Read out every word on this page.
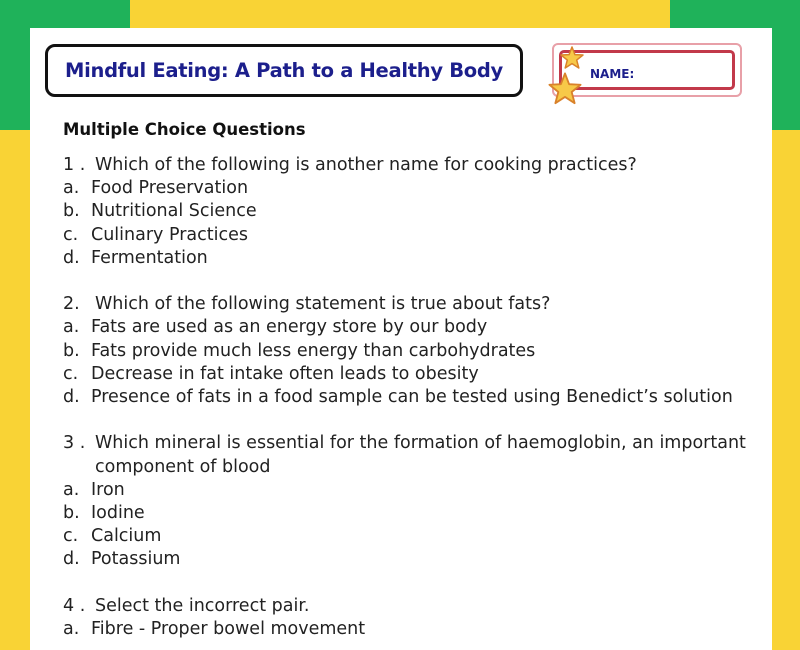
Mindful Eating: A Path to a Healthy Body	NAME:
Multiple Choice Questions
1 . Which of the following is another name for cooking practices?
a. Food Preservation
b. Nutritional Science
c. Culinary Practices
d. Fermentation
2. Which of the following statement is true about fats?
a. Fats are used as an energy store by our body
b. Fats provide much less energy than carbohydrates
c. Decrease in fat intake often leads to obesity
d. Presence of fats in a food sample can be tested using Benedict’s solution
3 . Which mineral is essential for the formation of haemoglobin, an important component of blood
a. Iron
b. Iodine
c. Calcium
d. Potassium
4 . Select the incorrect pair.
a. Fibre - Proper bowel movement
